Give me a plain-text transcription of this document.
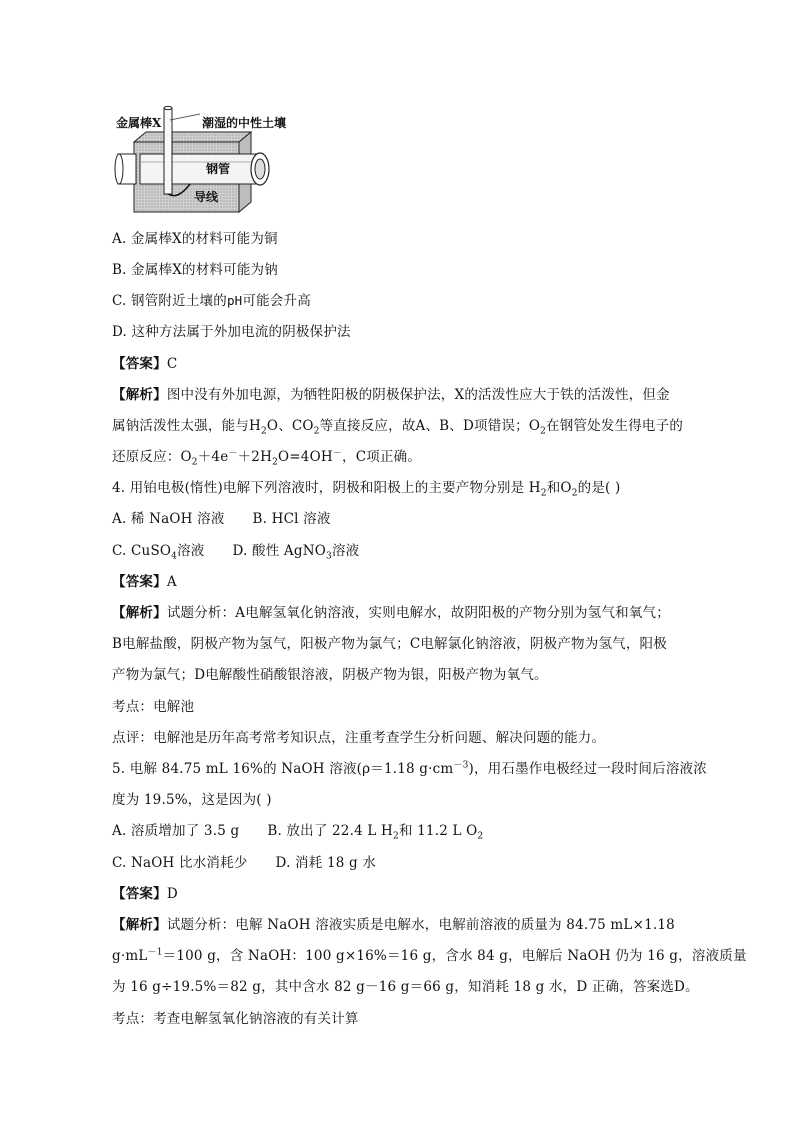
金属棒X	潮湿的中性土壤
钢管
导线
A. 金属棒X的材料可能为铜
B. 金属棒X的材料可能为钠
C. 钢管附近土壤的pH可能会升高
D. 这种方法属于外加电流的阴极保护法
【答案】C
【解析】图中没有外加电源，为牺牲阳极的阴极保护法，X的活泼性应大于铁的活泼性，但金
属钠活泼性太强，能与$H_2O$、$CO_2$等直接反应，故A、B、D项错误；$O_2$在钢管处发生得电子的
还原反应：$O_2+4e^-+2H_2O=4OH^-$，C项正确。
4. 用铂电极(惰性)电解下列溶液时，阴极和阳极上的主要产物分别是 $H_2$和$O_2$的是( )
A. 稀 NaOH 溶液 B. HCl 溶液
C. CuSO$_4$溶液 D. 酸性 AgNO$_3$溶液
【答案】A
【解析】试题分析：A电解氢氧化钠溶液，实则电解水，故阴阳极的产物分别为氢气和氧气；
B电解盐酸，阴极产物为氢气，阳极产物为氯气；C电解氯化钠溶液，阴极产物为氢气，阳极
产物为氯气；D电解酸性硝酸银溶液，阴极产物为银，阳极产物为氧气。
考点：电解池
点评：电解池是历年高考常考知识点，注重考查学生分析问题、解决问题的能力。
5. 电解 84.75 mL 16%的 NaOH 溶液(ρ＝1.18 $g\cdot cm^{-3}$)，用石墨作电极经过一段时间后溶液浓
度为 19.5%，这是因为( )
A. 溶质增加了 3.5 g B. 放出了 22.4 L $H_2$和 11.2 L $O_2$
C. NaOH 比水消耗少 D. 消耗 18 g 水
【答案】D
【解析】试题分析：电解 NaOH 溶液实质是电解水，电解前溶液的质量为 84.75 mL×1.18
$g\cdot mL^{-1}=100$ g，含 NaOH：100 g×16%＝16 g，含水 84 g，电解后 NaOH 仍为 16 g，溶液质量
为 16 g÷19.5%＝82 g，其中含水 82 g－16 g＝66 g，知消耗 18 g 水，D 正确，答案选D。
考点：考查电解氢氧化钠溶液的有关计算
